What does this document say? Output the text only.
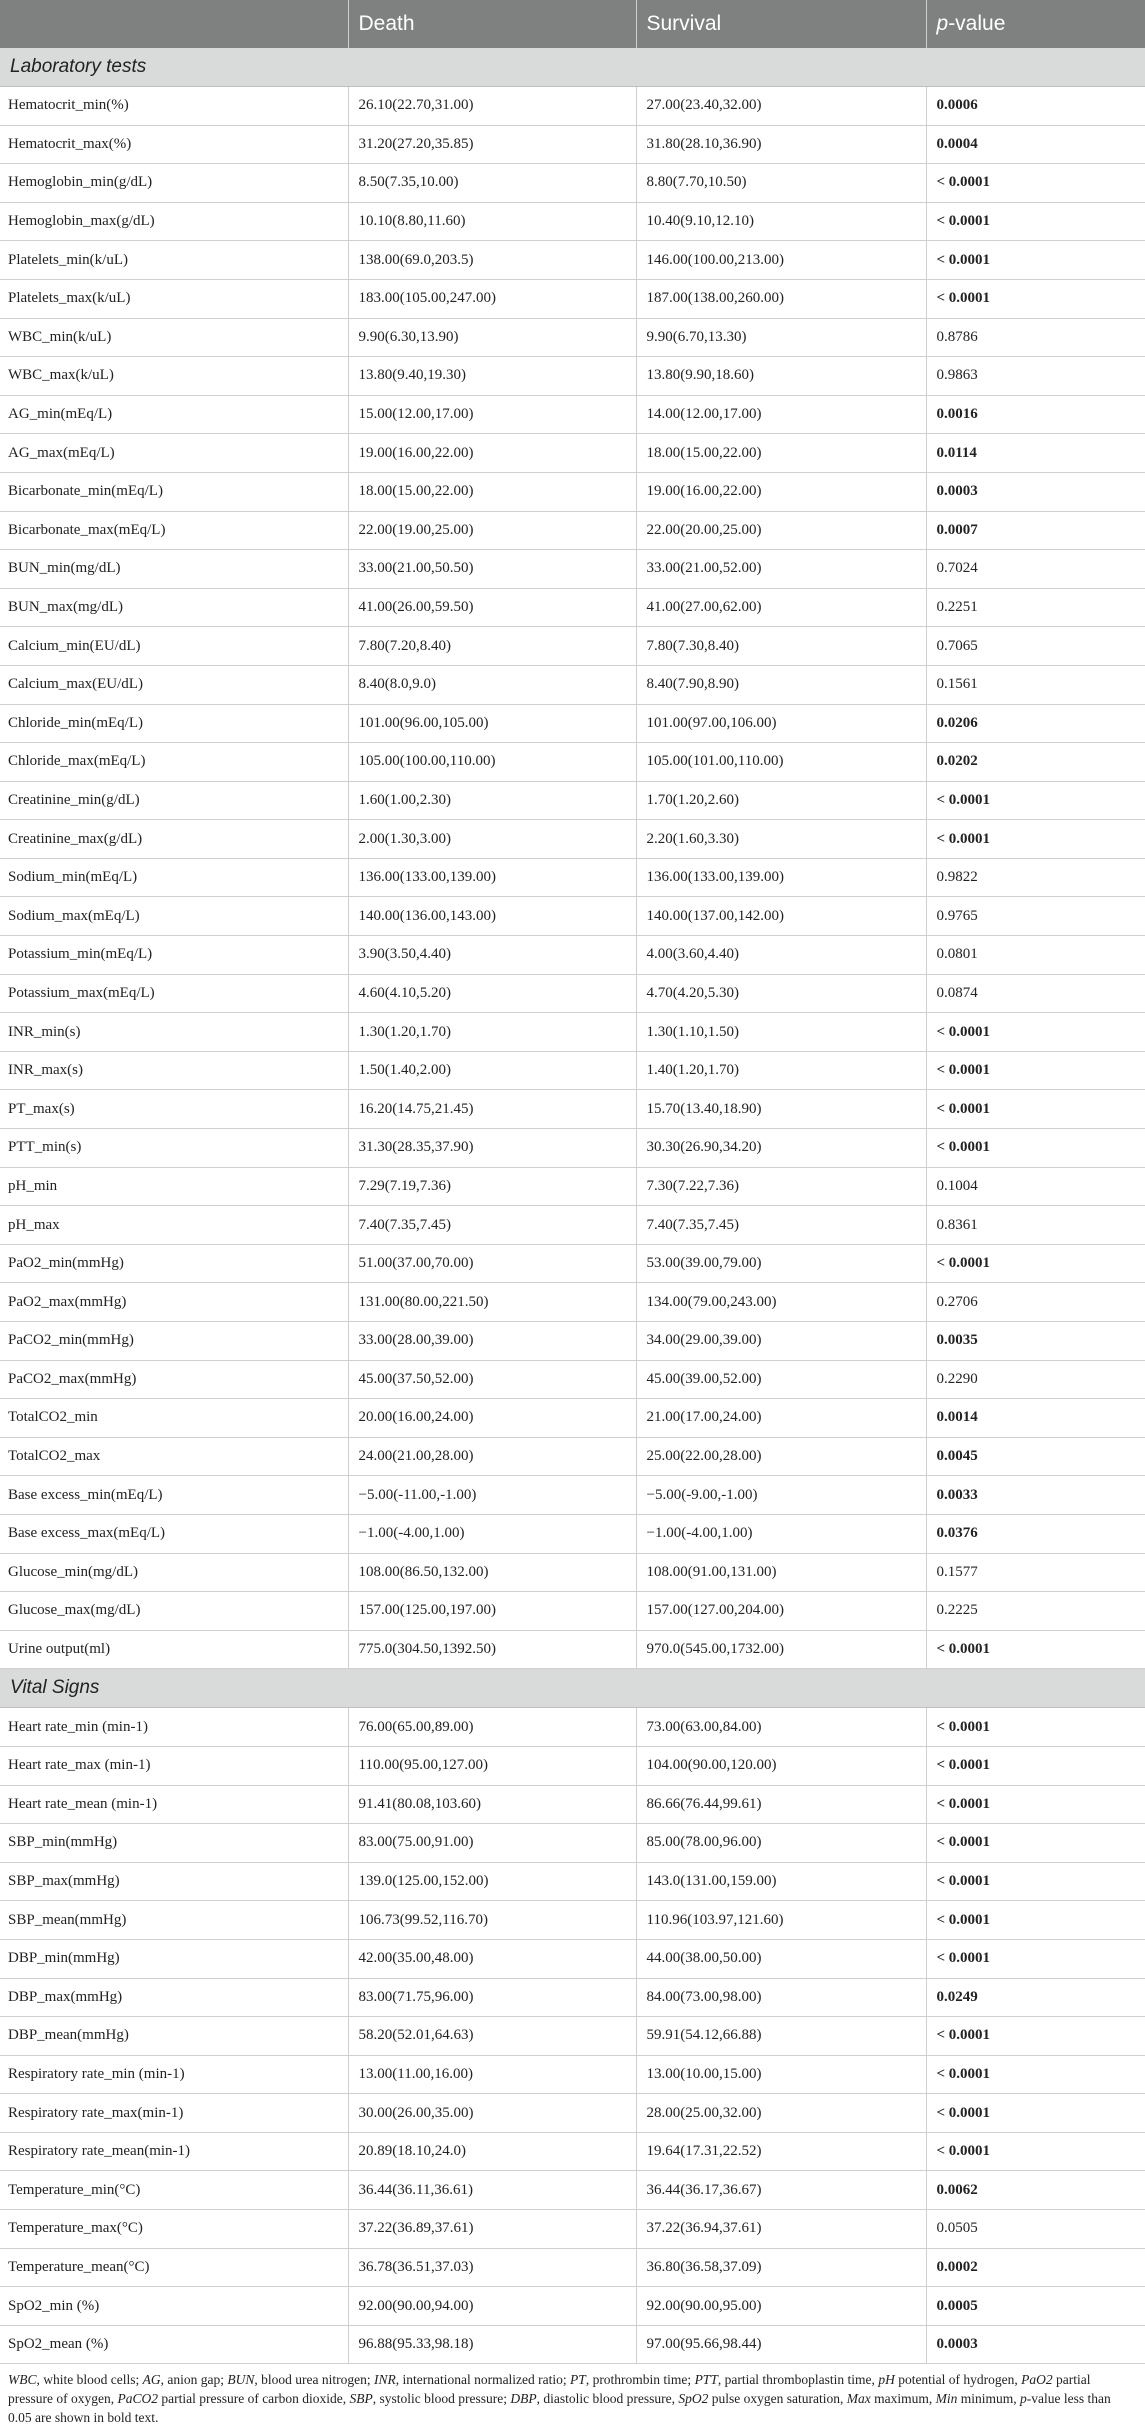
	Death	Survival	p-value
Laboratory tests			
Hematocrit_min(%)	26.10(22.70,31.00)	27.00(23.40,32.00)	0.0006
Hematocrit_max(%)	31.20(27.20,35.85)	31.80(28.10,36.90)	0.0004
Hemoglobin_min(g/dL)	8.50(7.35,10.00)	8.80(7.70,10.50)	< 0.0001
Hemoglobin_max(g/dL)	10.10(8.80,11.60)	10.40(9.10,12.10)	< 0.0001
Platelets_min(k/uL)	138.00(69.0,203.5)	146.00(100.00,213.00)	< 0.0001
Platelets_max(k/uL)	183.00(105.00,247.00)	187.00(138.00,260.00)	< 0.0001
WBC_min(k/uL)	9.90(6.30,13.90)	9.90(6.70,13.30)	0.8786
WBC_max(k/uL)	13.80(9.40,19.30)	13.80(9.90,18.60)	0.9863
AG_min(mEq/L)	15.00(12.00,17.00)	14.00(12.00,17.00)	0.0016
AG_max(mEq/L)	19.00(16.00,22.00)	18.00(15.00,22.00)	0.0114
Bicarbonate_min(mEq/L)	18.00(15.00,22.00)	19.00(16.00,22.00)	0.0003
Bicarbonate_max(mEq/L)	22.00(19.00,25.00)	22.00(20.00,25.00)	0.0007
BUN_min(mg/dL)	33.00(21.00,50.50)	33.00(21.00,52.00)	0.7024
BUN_max(mg/dL)	41.00(26.00,59.50)	41.00(27.00,62.00)	0.2251
Calcium_min(EU/dL)	7.80(7.20,8.40)	7.80(7.30,8.40)	0.7065
Calcium_max(EU/dL)	8.40(8.0,9.0)	8.40(7.90,8.90)	0.1561
Chloride_min(mEq/L)	101.00(96.00,105.00)	101.00(97.00,106.00)	0.0206
Chloride_max(mEq/L)	105.00(100.00,110.00)	105.00(101.00,110.00)	0.0202
Creatinine_min(g/dL)	1.60(1.00,2.30)	1.70(1.20,2.60)	< 0.0001
Creatinine_max(g/dL)	2.00(1.30,3.00)	2.20(1.60,3.30)	< 0.0001
Sodium_min(mEq/L)	136.00(133.00,139.00)	136.00(133.00,139.00)	0.9822
Sodium_max(mEq/L)	140.00(136.00,143.00)	140.00(137.00,142.00)	0.9765
Potassium_min(mEq/L)	3.90(3.50,4.40)	4.00(3.60,4.40)	0.0801
Potassium_max(mEq/L)	4.60(4.10,5.20)	4.70(4.20,5.30)	0.0874
INR_min(s)	1.30(1.20,1.70)	1.30(1.10,1.50)	< 0.0001
INR_max(s)	1.50(1.40,2.00)	1.40(1.20,1.70)	< 0.0001
PT_max(s)	16.20(14.75,21.45)	15.70(13.40,18.90)	< 0.0001
PTT_min(s)	31.30(28.35,37.90)	30.30(26.90,34.20)	< 0.0001
pH_min	7.29(7.19,7.36)	7.30(7.22,7.36)	0.1004
pH_max	7.40(7.35,7.45)	7.40(7.35,7.45)	0.8361
PaO2_min(mmHg)	51.00(37.00,70.00)	53.00(39.00,79.00)	< 0.0001
PaO2_max(mmHg)	131.00(80.00,221.50)	134.00(79.00,243.00)	0.2706
PaCO2_min(mmHg)	33.00(28.00,39.00)	34.00(29.00,39.00)	0.0035
PaCO2_max(mmHg)	45.00(37.50,52.00)	45.00(39.00,52.00)	0.2290
TotalCO2_min	20.00(16.00,24.00)	21.00(17.00,24.00)	0.0014
TotalCO2_max	24.00(21.00,28.00)	25.00(22.00,28.00)	0.0045
Base excess_min(mEq/L)	−5.00(-11.00,-1.00)	−5.00(-9.00,-1.00)	0.0033
Base excess_max(mEq/L)	−1.00(-4.00,1.00)	−1.00(-4.00,1.00)	0.0376
Glucose_min(mg/dL)	108.00(86.50,132.00)	108.00(91.00,131.00)	0.1577
Glucose_max(mg/dL)	157.00(125.00,197.00)	157.00(127.00,204.00)	0.2225
Urine output(ml)	775.0(304.50,1392.50)	970.0(545.00,1732.00)	< 0.0001
Vital Signs			
Heart rate_min (min-1)	76.00(65.00,89.00)	73.00(63.00,84.00)	< 0.0001
Heart rate_max (min-1)	110.00(95.00,127.00)	104.00(90.00,120.00)	< 0.0001
Heart rate_mean (min-1)	91.41(80.08,103.60)	86.66(76.44,99.61)	< 0.0001
SBP_min(mmHg)	83.00(75.00,91.00)	85.00(78.00,96.00)	< 0.0001
SBP_max(mmHg)	139.0(125.00,152.00)	143.0(131.00,159.00)	< 0.0001
SBP_mean(mmHg)	106.73(99.52,116.70)	110.96(103.97,121.60)	< 0.0001
DBP_min(mmHg)	42.00(35.00,48.00)	44.00(38.00,50.00)	< 0.0001
DBP_max(mmHg)	83.00(71.75,96.00)	84.00(73.00,98.00)	0.0249
DBP_mean(mmHg)	58.20(52.01,64.63)	59.91(54.12,66.88)	< 0.0001
Respiratory rate_min (min-1)	13.00(11.00,16.00)	13.00(10.00,15.00)	< 0.0001
Respiratory rate_max(min-1)	30.00(26.00,35.00)	28.00(25.00,32.00)	< 0.0001
Respiratory rate_mean(min-1)	20.89(18.10,24.0)	19.64(17.31,22.52)	< 0.0001
Temperature_min(°C)	36.44(36.11,36.61)	36.44(36.17,36.67)	0.0062
Temperature_max(°C)	37.22(36.89,37.61)	37.22(36.94,37.61)	0.0505
Temperature_mean(°C)	36.78(36.51,37.03)	36.80(36.58,37.09)	0.0002
SpO2_min (%)	92.00(90.00,94.00)	92.00(90.00,95.00)	0.0005
SpO2_mean (%)	96.88(95.33,98.18)	97.00(95.66,98.44)	0.0003
WBC, white blood cells; AG, anion gap; BUN, blood urea nitrogen; INR, international normalized ratio; PT, prothrombin time; PTT, partial thromboplastin time, pH potential of hydrogen, PaO2 partial pressure of oxygen, PaCO2 partial pressure of carbon dioxide, SBP, systolic blood pressure; DBP, diastolic blood pressure, SpO2 pulse oxygen saturation, Max maximum, Min minimum, p-value less than 0.05 are shown in bold text.
